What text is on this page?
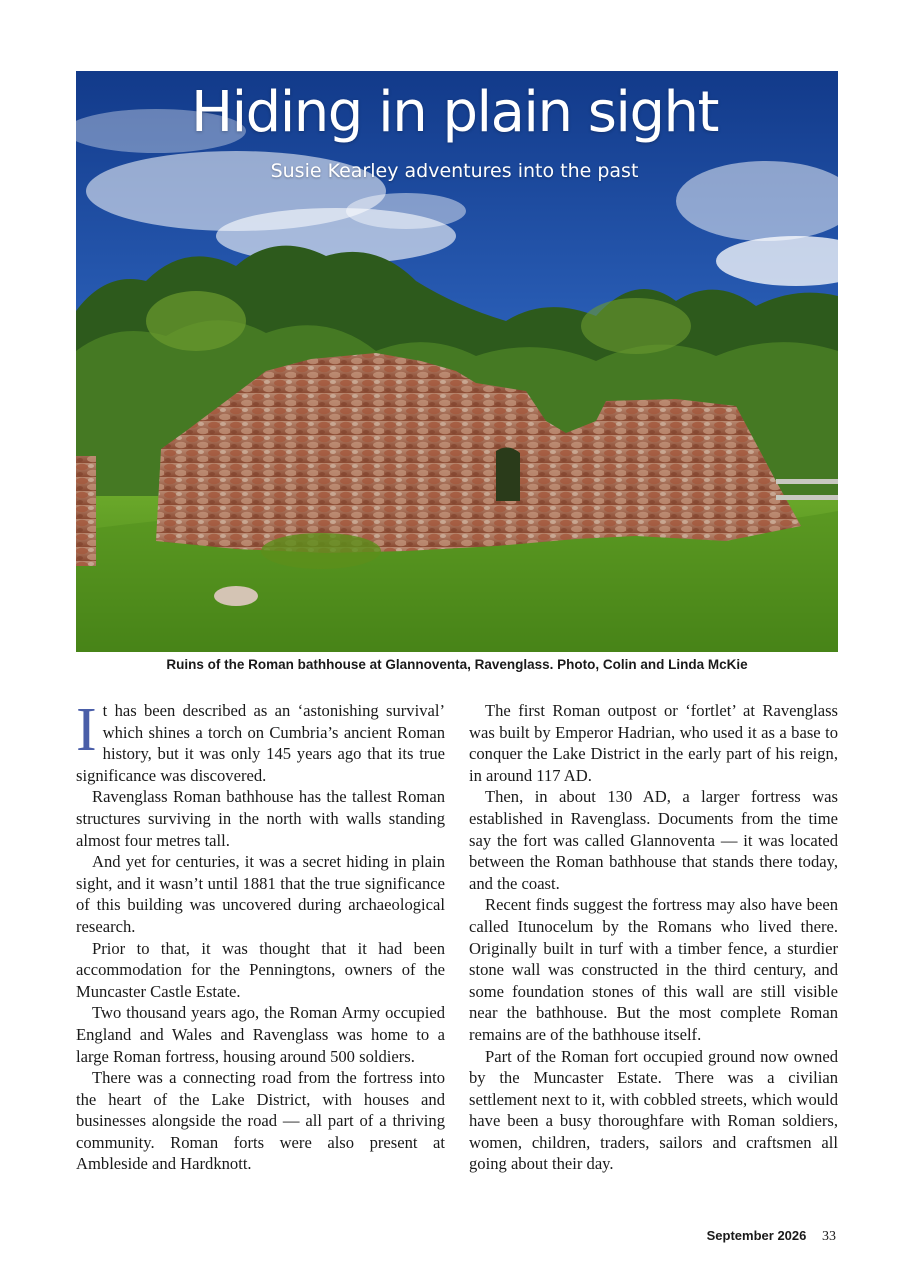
Hiding in plain sight

Susie Kearley adventures into the past

Ruins of the Roman bathhouse at Glannoventa, Ravenglass. Photo, Colin and Linda McKie

It has been described as an ‘astonishing survival’ which shines a torch on Cumbria’s ancient Roman history, but it was only 145 years ago that its true significance was discovered.

Ravenglass Roman bathhouse has the tallest Roman structures surviving in the north with walls standing almost four metres tall.

And yet for centuries, it was a secret hiding in plain sight, and it wasn’t until 1881 that the true significance of this building was uncovered during archaeological research.

Prior to that, it was thought that it had been accommodation for the Penningtons, owners of the Muncaster Castle Estate.

Two thousand years ago, the Roman Army occupied England and Wales and Ravenglass was home to a large Roman fortress, housing around 500 soldiers.

There was a connecting road from the fortress into the heart of the Lake District, with houses and businesses alongside the road — all part of a thriving community. Roman forts were also present at Ambleside and Hardknott.

The first Roman outpost or ‘fortlet’ at Ravenglass was built by Emperor Hadrian, who used it as a base to conquer the Lake District in the early part of his reign, in around 117 AD.

Then, in about 130 AD, a larger fortress was established in Ravenglass. Documents from the time say the fort was called Glannoventa — it was located between the Roman bathhouse that stands there today, and the coast.

Recent finds suggest the fortress may also have been called Itunocelum by the Romans who lived there. Originally built in turf with a timber fence, a sturdier stone wall was constructed in the third century, and some foundation stones of this wall are still visible near the bathhouse. But the most complete Roman remains are of the bathhouse itself.

Part of the Roman fort occupied ground now owned by the Muncaster Estate. There was a civilian settlement next to it, with cobbled streets, which would have been a busy thoroughfare with Roman soldiers, women, children, traders, sailors and craftsmen all going about their day.

September 2026 33
